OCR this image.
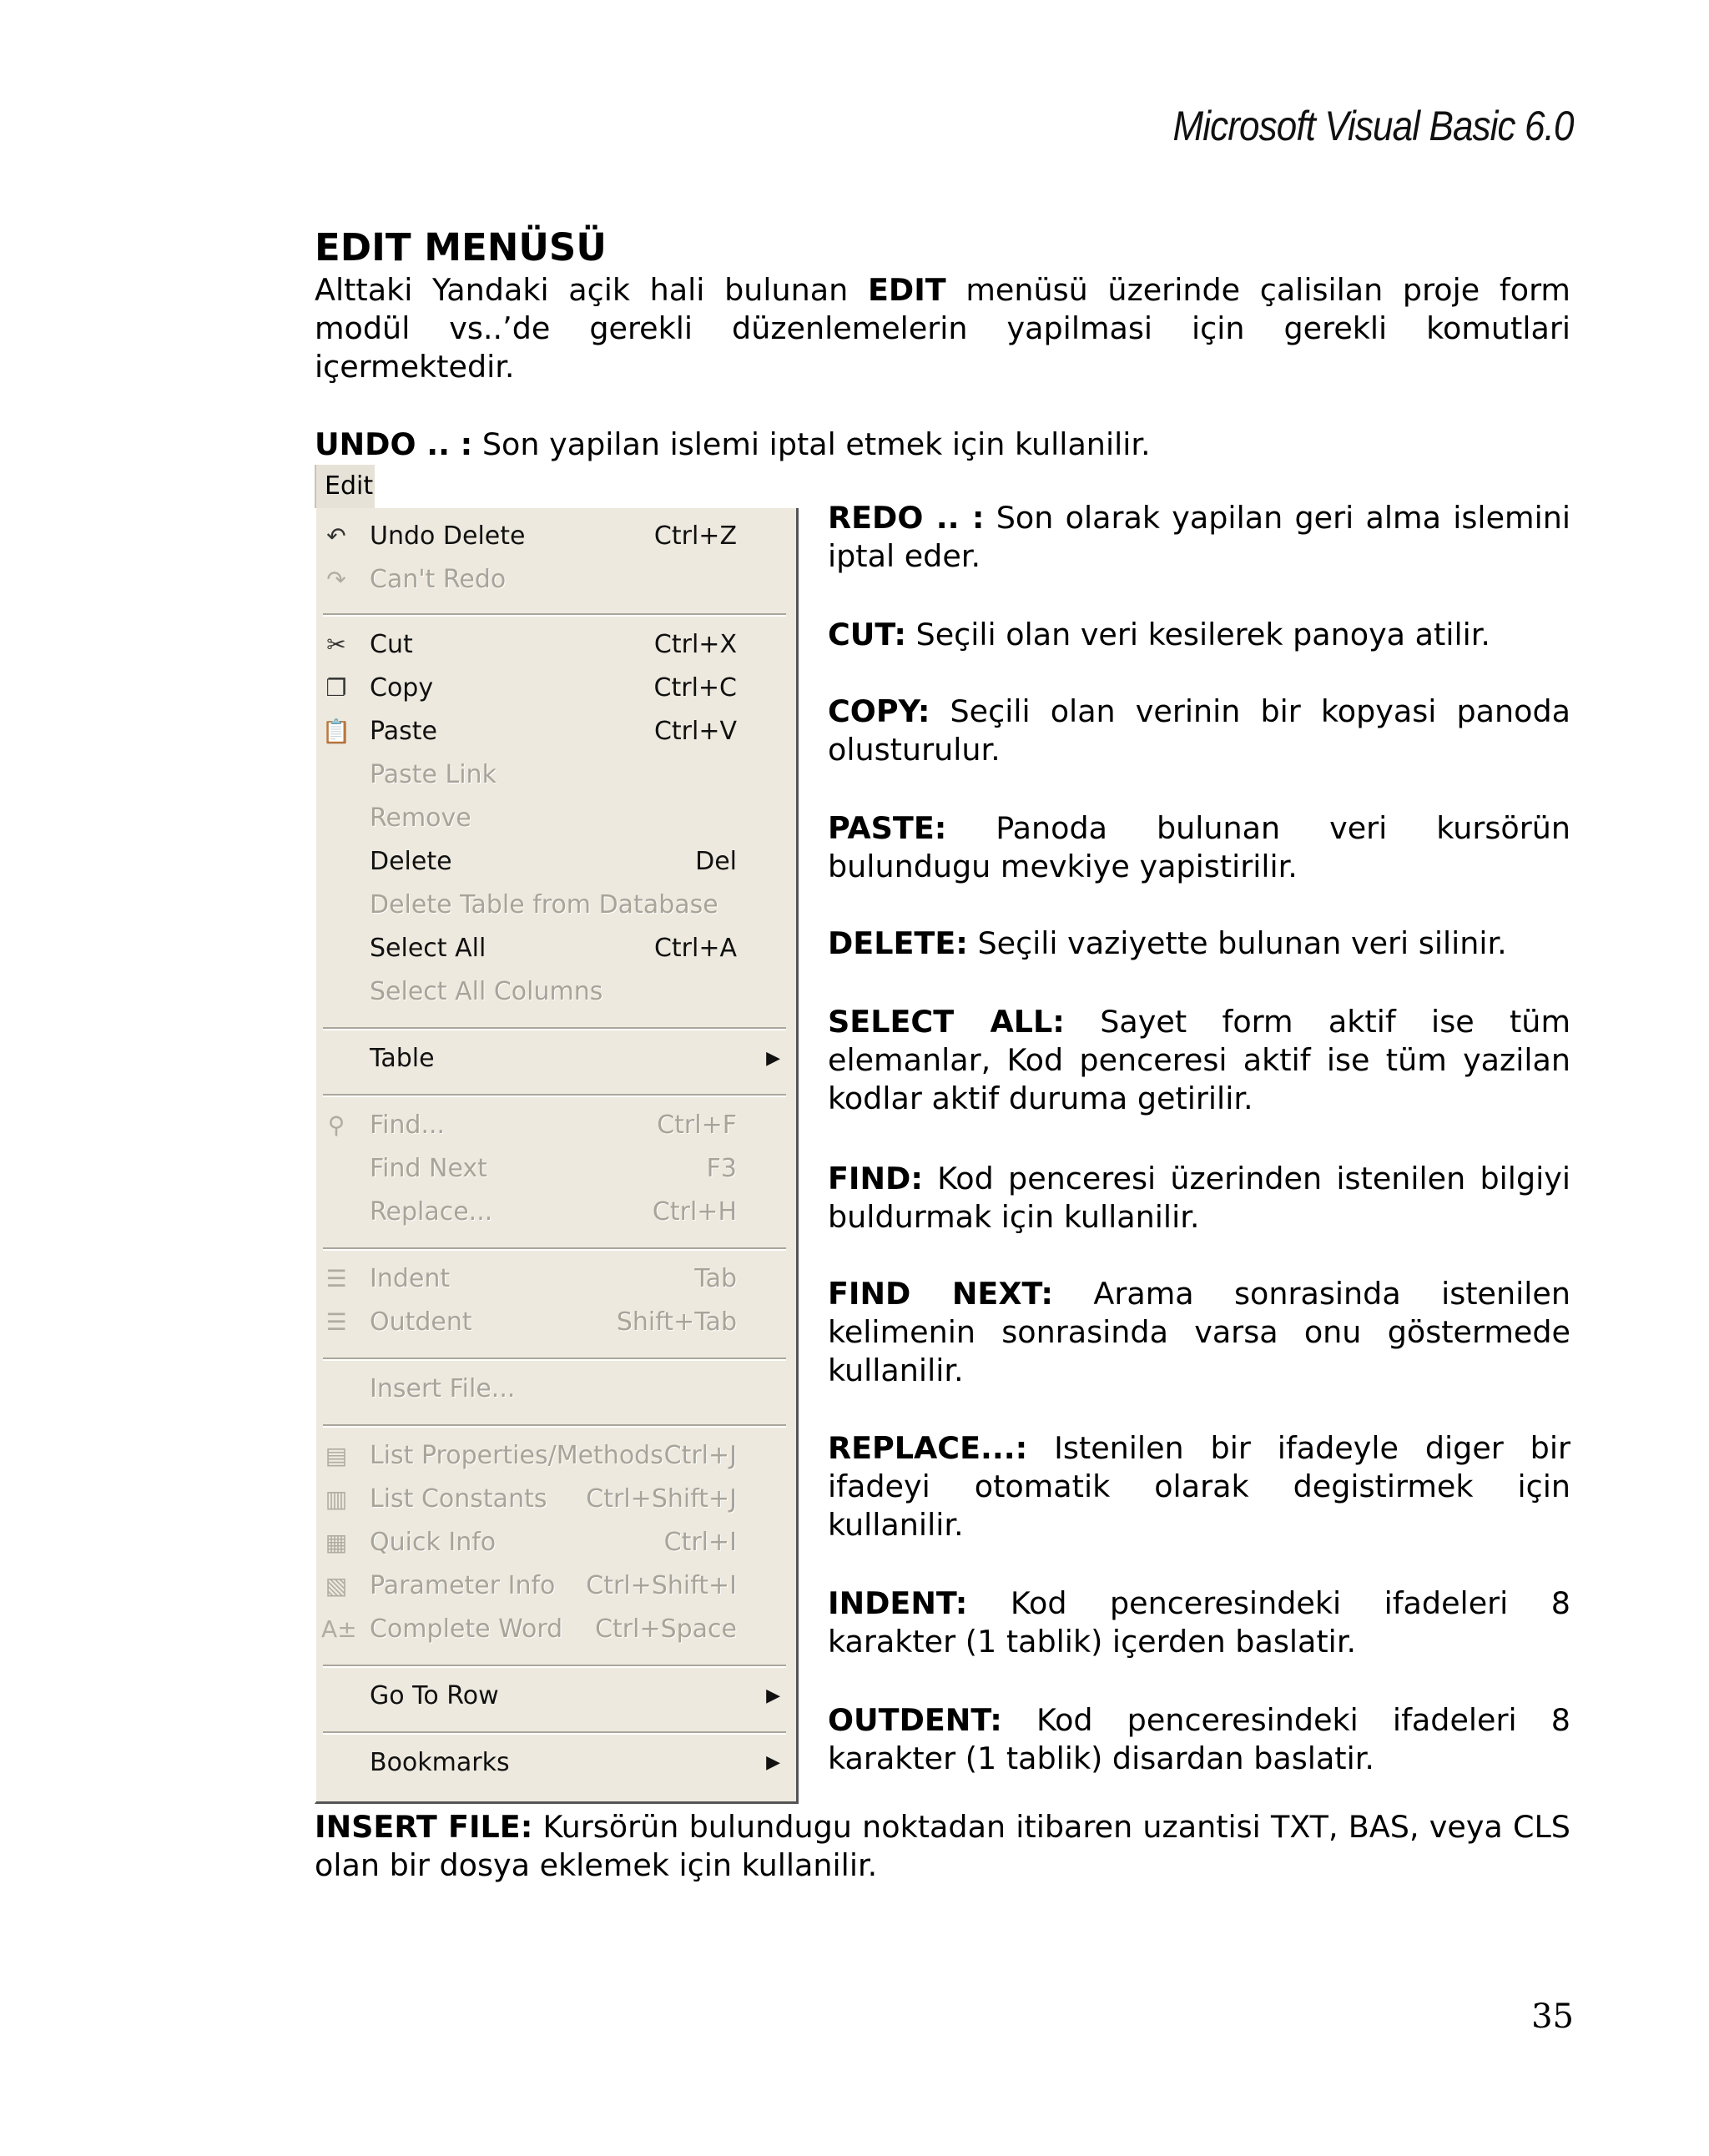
Microsoft Visual Basic 6.0
EDIT MENÜSÜ
Alttaki Yandaki açik hali bulunan EDIT menüsü üzerinde çalisilan proje form modül vs..’de gerekli düzenlemelerin yapilmasi için gerekli komutlari içermektedir.
UNDO .. : Son yapilan islemi iptal etmek için kullanilir.
Edit
↶ Undo Delete	Ctrl+Z
↷ Can't Redo
✂ Cut	Ctrl+X
❐ Copy	Ctrl+C
📋 Paste	Ctrl+V
Paste Link
Remove
Delete	Del
Delete Table from Database
Select All	Ctrl+A
Select All Columns
Table	▶
⚲ Find...	Ctrl+F
Find Next	F3
Replace...	Ctrl+H
☰ Indent	Tab
☰ Outdent	Shift+Tab
Insert File...
▤ List Properties/Methods Ctrl+J
▥ List Constants Ctrl+Shift+J
▦ Quick Info	Ctrl+I
▧ Parameter Info Ctrl+Shift+I
A± Complete Word Ctrl+Space
Go To Row	▶
Bookmarks	▶
REDO .. : Son olarak yapilan geri alma islemini iptal eder.
CUT: Seçili olan veri kesilerek panoya atilir.
COPY: Seçili olan verinin bir kopyasi panoda olusturulur.
PASTE: Panoda bulunan veri kursörün bulundugu mevkiye yapistirilir.
DELETE: Seçili vaziyette bulunan veri silinir.
SELECT ALL: Sayet form aktif ise tüm elemanlar, Kod penceresi aktif ise tüm yazilan kodlar aktif duruma getirilir.
FIND: Kod penceresi üzerinden istenilen bilgiyi buldurmak için kullanilir.
FIND NEXT: Arama sonrasinda istenilen kelimenin sonrasinda varsa onu göstermede kullanilir.
REPLACE...: Istenilen bir ifadeyle diger bir ifadeyi otomatik olarak degistirmek için kullanilir.
INDENT: Kod penceresindeki ifadeleri 8 karakter (1 tablik) içerden baslatir.
OUTDENT: Kod penceresindeki ifadeleri 8 karakter (1 tablik) disardan baslatir.
INSERT FILE: Kursörün bulundugu noktadan itibaren uzantisi TXT, BAS, veya CLS olan bir dosya eklemek için kullanilir.
35
